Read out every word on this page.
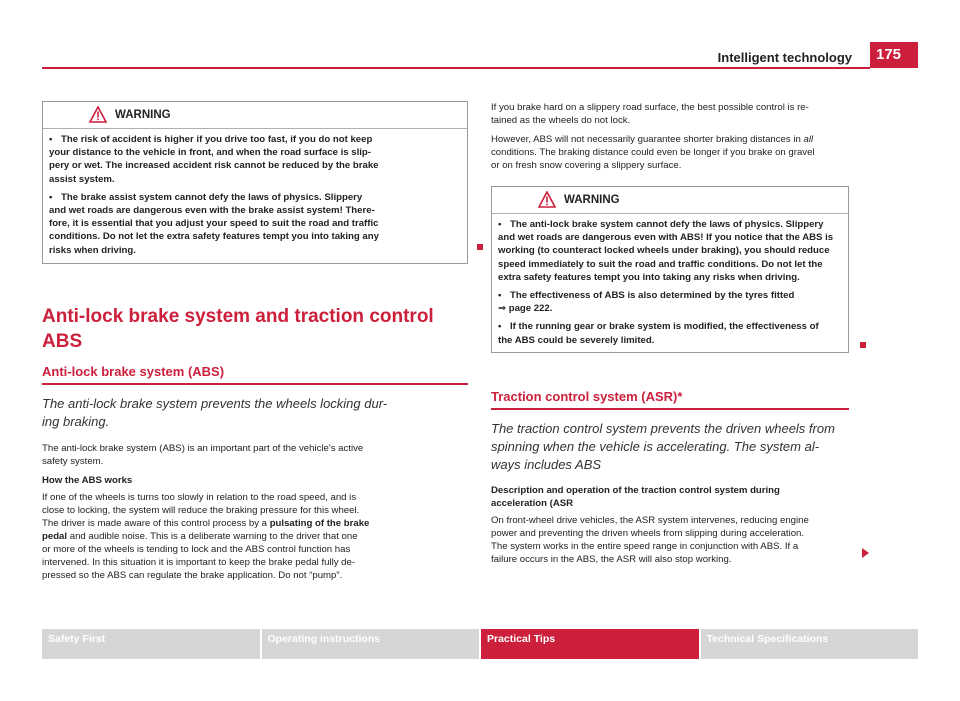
Intelligent technology	175
WARNING

• The risk of accident is higher if you drive too fast, if you do not keep
your distance to the vehicle in front, and when the road surface is slip-
pery or wet. The increased accident risk cannot be reduced by the brake
assist system.

• The brake assist system cannot defy the laws of physics. Slippery
and wet roads are dangerous even with the brake assist system! There-
fore, it is essential that you adjust your speed to suit the road and traffic
conditions. Do not let the extra safety features tempt you into taking any
risks when driving.

Anti-lock brake system and traction control
ABS
Anti-lock brake system (ABS)

The anti-lock brake system prevents the wheels locking dur-
ing braking.

The anti-lock brake system (ABS) is an important part of the vehicle's active
safety system.

How the ABS works

If one of the wheels is turns too slowly in relation to the road speed, and is
close to locking, the system will reduce the braking pressure for this wheel.
The driver is made aware of this control process by a pulsating of the brake
pedal and audible noise. This is a deliberate warning to the driver that one
or more of the wheels is tending to lock and the ABS control function has
intervened. In this situation it is important to keep the brake pedal fully de-
pressed so the ABS can regulate the brake application. Do not “pump”.

If you brake hard on a slippery road surface, the best possible control is re-
tained as the wheels do not lock.

However, ABS will not necessarily guarantee shorter braking distances in all
conditions. The braking distance could even be longer if you brake on gravel
or on fresh snow covering a slippery surface.

WARNING

• The anti-lock brake system cannot defy the laws of physics. Slippery
and wet roads are dangerous even with ABS! If you notice that the ABS is
working (to counteract locked wheels under braking), you should reduce
speed immediately to suit the road and traffic conditions. Do not let the
extra safety features tempt you into taking any risks when driving.

• The effectiveness of ABS is also determined by the tyres fitted
⇒ page 222.

• If the running gear or brake system is modified, the effectiveness of
the ABS could be severely limited.

Traction control system (ASR)*

The traction control system prevents the driven wheels from
spinning when the vehicle is accelerating. The system al-
ways includes ABS

Description and operation of the traction control system during
acceleration (ASR

On front-wheel drive vehicles, the ASR system intervenes, reducing engine
power and preventing the driven wheels from slipping during acceleration.
The system works in the entire speed range in conjunction with ABS. If a
failure occurs in the ABS, the ASR will also stop working.

Safety First	Operating instructions	Practical Tips	Technical Specifications
